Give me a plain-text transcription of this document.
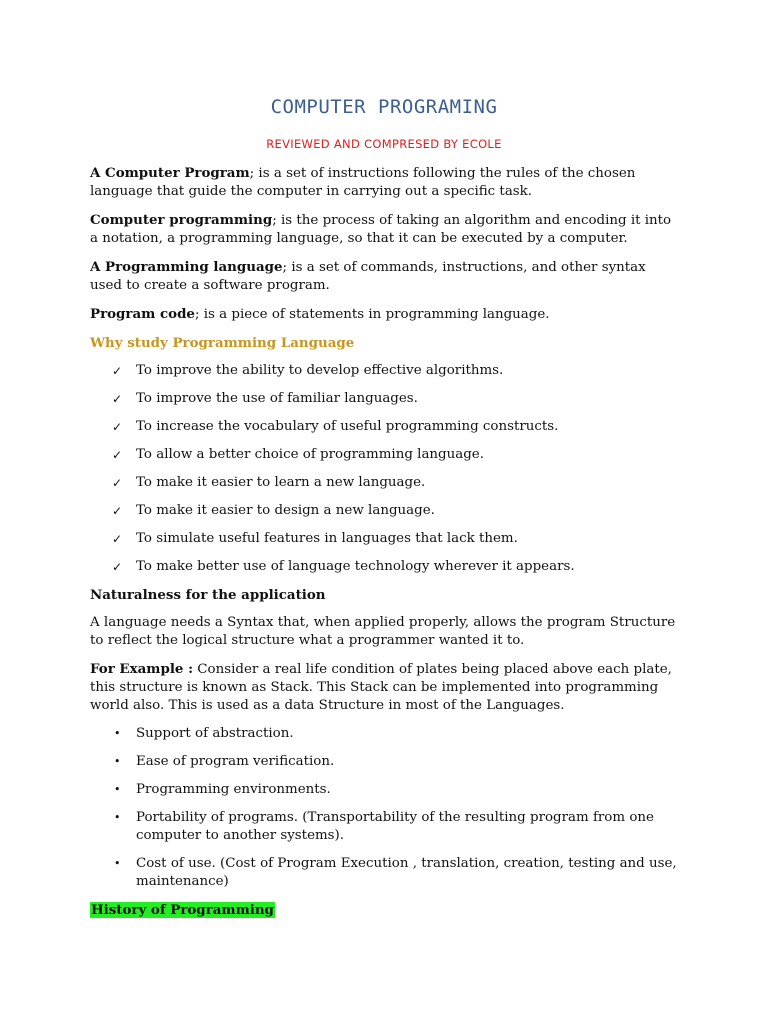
COMPUTER PROGRAMING
REVIEWED AND COMPRESED BY ECOLE

A Computer Program; is a set of instructions following the rules of the chosen language that guide the computer in carrying out a specific task.

Computer programming; is the process of taking an algorithm and encoding it into a notation, a programming language, so that it can be executed by a computer.

A Programming language; is a set of commands, instructions, and other syntax used to create a software program.

Program code; is a piece of statements in programming language.

Why study Programming Language
✓ To improve the ability to develop effective algorithms.
✓ To improve the use of familiar languages.
✓ To increase the vocabulary of useful programming constructs.
✓ To allow a better choice of programming language.
✓ To make it easier to learn a new language.
✓ To make it easier to design a new language.
✓ To simulate useful features in languages that lack them.
✓ To make better use of language technology wherever it appears.
Naturalness for the application

A language needs a Syntax that, when applied properly, allows the program Structure to reflect the logical structure what a programmer wanted it to.

For Example : Consider a real life condition of plates being placed above each plate, this structure is known as Stack. This Stack can be implemented into programming world also. This is used as a data Structure in most of the Languages.

• Support of abstraction.
• Ease of program verification.
• Programming environments.
• Portability of programs. (Transportability of the resulting program from one computer to another systems).
• Cost of use. (Cost of Program Execution , translation, creation, testing and use, maintenance)
History of Programming
